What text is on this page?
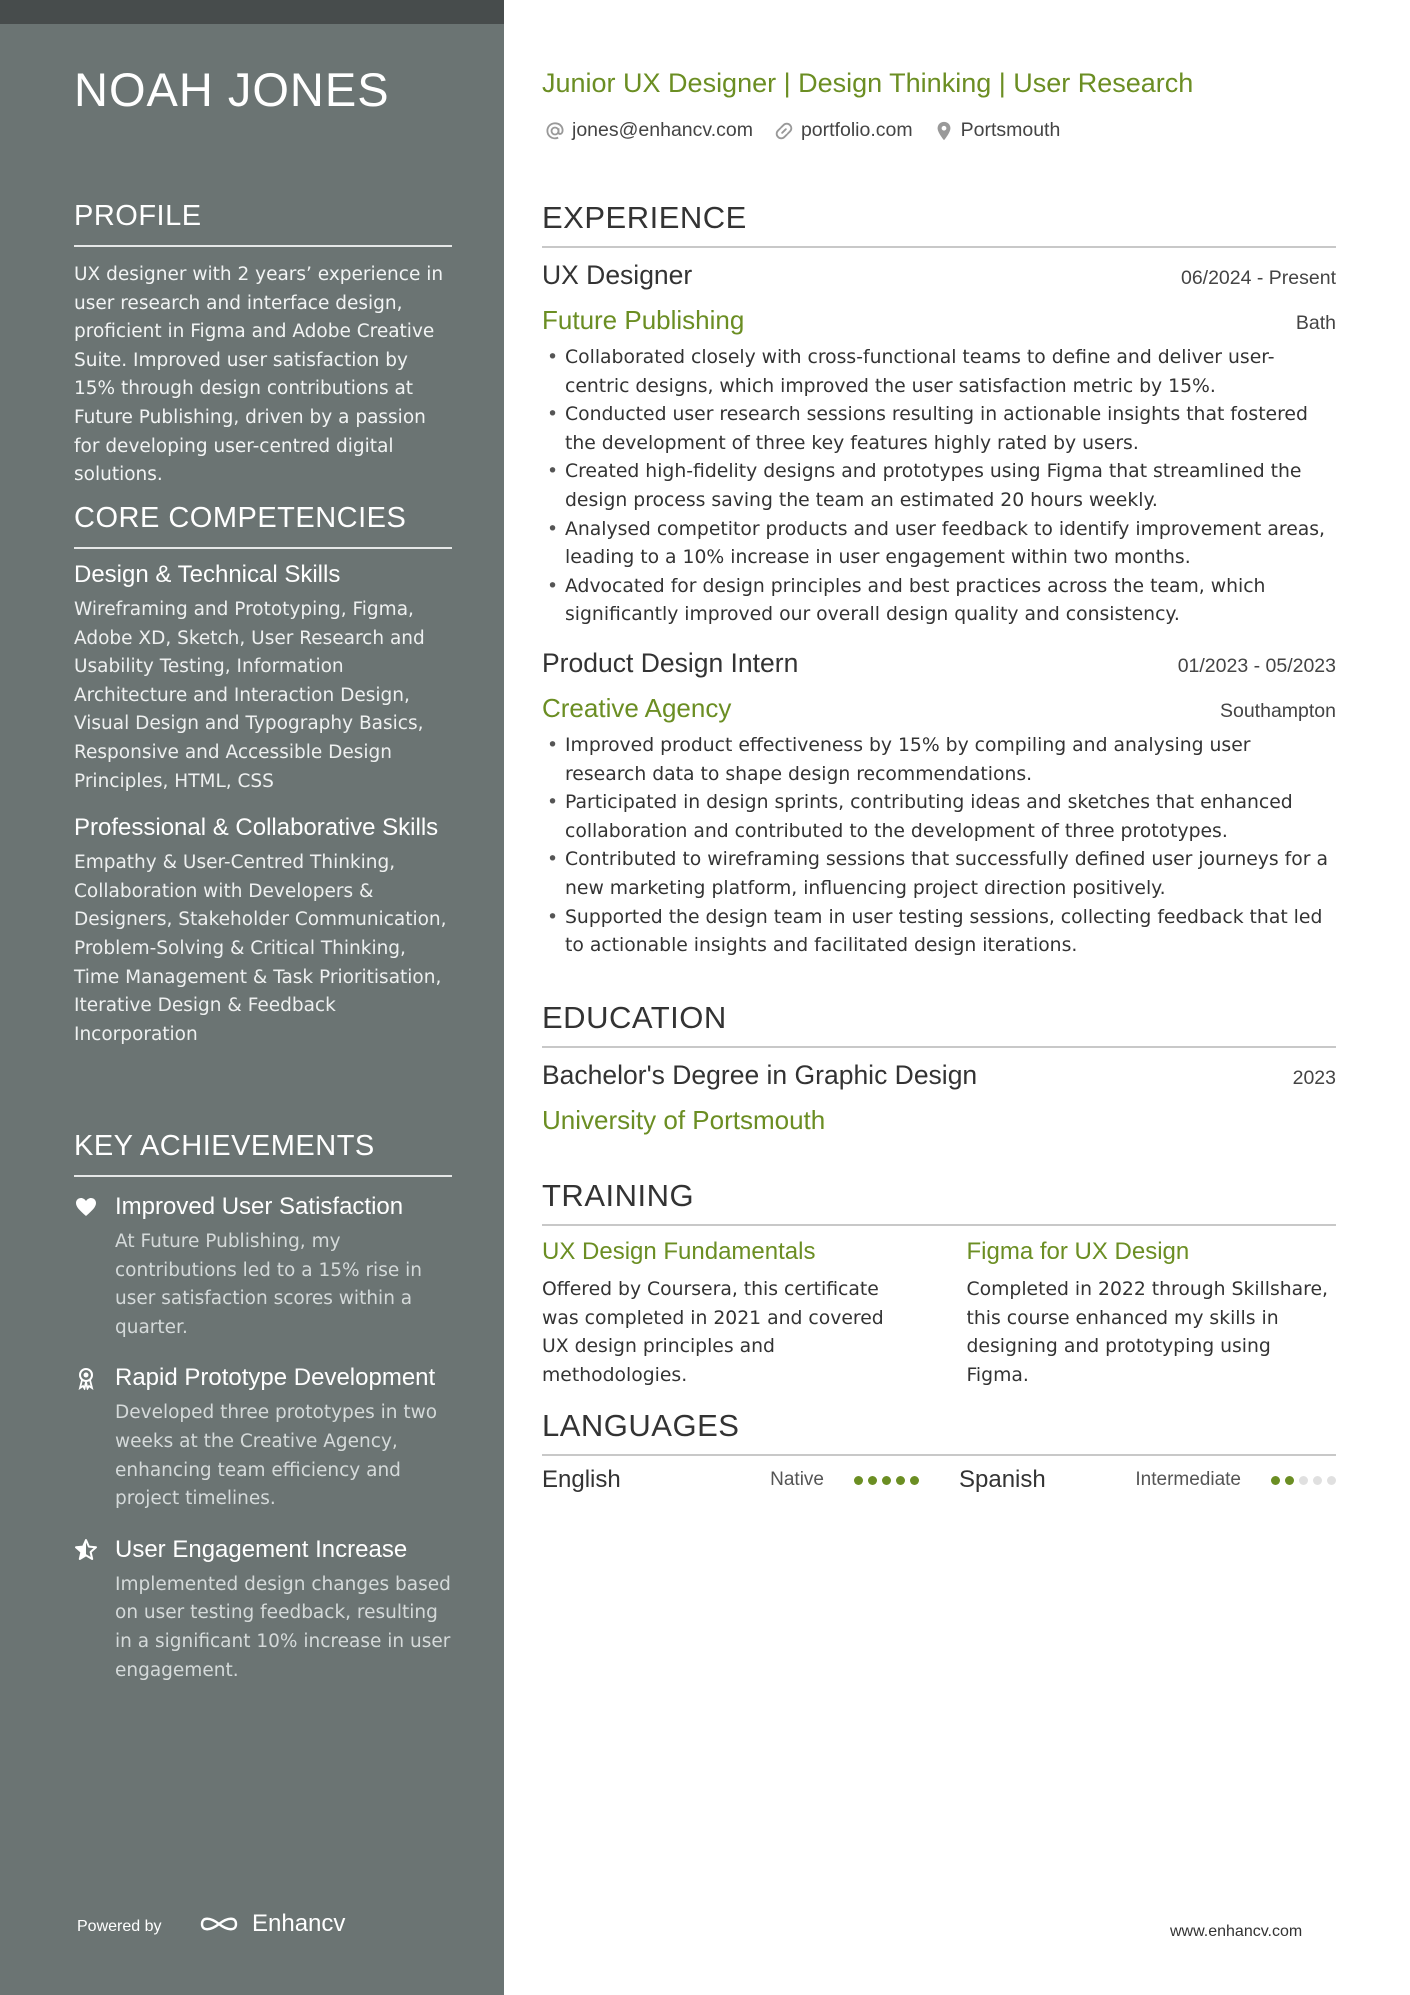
NOAH JONES
PROFILE
UX designer with 2 years’ experience in user research and interface design, proficient in Figma and Adobe Creative Suite. Improved user satisfaction by 15% through design contributions at Future Publishing, driven by a passion for developing user-centred digital solutions.
CORE COMPETENCIES
Design & Technical Skills
Wireframing and Prototyping, Figma, Adobe XD, Sketch, User Research and Usability Testing, Information Architecture and Interaction Design, Visual Design and Typography Basics, Responsive and Accessible Design Principles, HTML, CSS
Professional & Collaborative Skills
Empathy & User-Centred Thinking, Collaboration with Developers & Designers, Stakeholder Communication, Problem-Solving & Critical Thinking, Time Management & Task Prioritisation, Iterative Design & Feedback Incorporation
KEY ACHIEVEMENTS
Improved User Satisfaction
At Future Publishing, my contributions led to a 15% rise in user satisfaction scores within a quarter.
Rapid Prototype Development
Developed three prototypes in two weeks at the Creative Agency, enhancing team efficiency and project timelines.
User Engagement Increase
Implemented design changes based on user testing feedback, resulting in a significant 10% increase in user engagement.
Powered by	Enhancv
Junior UX Designer | Design Thinking | User Research
jones@enhancv.com portfolio.com Portsmouth
EXPERIENCE
UX Designer	06/2024 - Present
Future Publishing	Bath
• Collaborated closely with cross-functional teams to define and deliver user-centric designs, which improved the user satisfaction metric by 15%.
• Conducted user research sessions resulting in actionable insights that fostered the development of three key features highly rated by users.
• Created high-fidelity designs and prototypes using Figma that streamlined the design process saving the team an estimated 20 hours weekly.
• Analysed competitor products and user feedback to identify improvement areas, leading to a 10% increase in user engagement within two months.
• Advocated for design principles and best practices across the team, which significantly improved our overall design quality and consistency.
Product Design Intern	01/2023 - 05/2023
Creative Agency	Southampton
• Improved product effectiveness by 15% by compiling and analysing user research data to shape design recommendations.
• Participated in design sprints, contributing ideas and sketches that enhanced collaboration and contributed to the development of three prototypes.
• Contributed to wireframing sessions that successfully defined user journeys for a new marketing platform, influencing project direction positively.
• Supported the design team in user testing sessions, collecting feedback that led to actionable insights and facilitated design iterations.
EDUCATION
Bachelor's Degree in Graphic Design	2023
University of Portsmouth
TRAINING
UX Design Fundamentals
Offered by Coursera, this certificate was completed in 2021 and covered UX design principles and methodologies.
Figma for UX Design
Completed in 2022 through Skillshare, this course enhanced my skills in designing and prototyping using Figma.
LANGUAGES
English	Native	Spanish	Intermediate
www.enhancv.com
